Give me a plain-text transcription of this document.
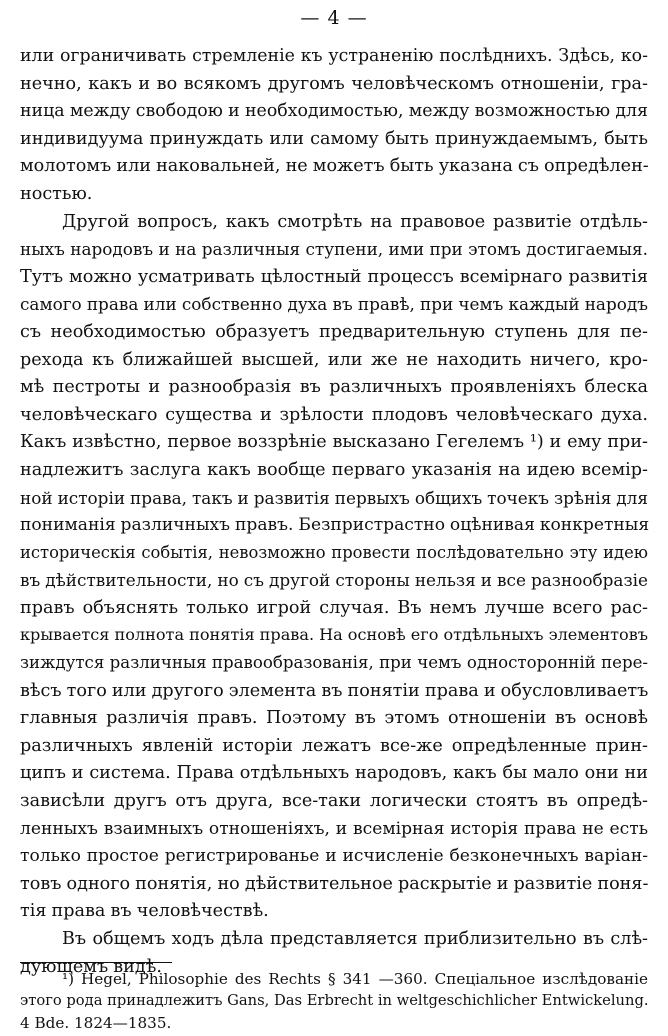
— 4 —
или ограничивать стремленіе къ устраненію послѣднихъ. Здѣсь, ко-
нечно, какъ и во всякомъ другомъ человѣческомъ отношеніи, гра-
ница между свободою и необходимостью, между возможностью для
индивидуума принуждать или самому быть принуждаемымъ, быть
молотомъ или наковальней, не можетъ быть указана съ опредѣлен-
ностью.
Другой вопросъ, какъ смотрѣть на правовое развитіе отдѣль-
ныхъ народовъ и на различныя ступени, ими при этомъ достигаемыя.
Тутъ можно усматривать цѣлостный процессъ всемірнаго развитія
самого права или собственно духа въ правѣ, при чемъ каждый народъ
съ необходимостью образуетъ предварительную ступень для пе-
рехода къ ближайшей высшей, или же не находить ничего, кро-
мѣ пестроты и разнообразія въ различныхъ проявленіяхъ блеска
человѣческаго существа и зрѣлости плодовъ человѣческаго духа.
Какъ извѣстно, первое воззрѣніе высказано Гегелемъ ¹) и ему при-
надлежитъ заслуга какъ вообще перваго указанія на идею всемір-
ной исторіи права, такъ и развитія первыхъ общихъ точекъ зрѣнія для
пониманія различныхъ правъ. Безпристрастно оцѣнивая конкретныя
историческія событія, невозможно провести послѣдовательно эту идею
въ дѣйствительности, но съ другой стороны нельзя и все разнообразіе
правъ объяснять только игрой случая. Въ немъ лучше всего рас-
крывается полнота понятія права. На основѣ его отдѣльныхъ элементовъ
зиждутся различныя правообразованія, при чемъ односторонній пере-
вѣсъ того или другого элемента въ понятіи права и обусловливаетъ
главныя различія правъ. Поэтому въ этомъ отношеніи въ основѣ
различныхъ явленій исторіи лежатъ все-же опредѣленные прин-
ципъ и система. Права отдѣльныхъ народовъ, какъ бы мало они ни
зависѣли другъ отъ друга, все-таки логически стоятъ въ опредѣ-
ленныхъ взаимныхъ отношеніяхъ, и всемірная исторія права не есть
только простое регистрированье и исчисленіе безконечныхъ варіан-
товъ одного понятія, но дѣйствительное раскрытіе и развитіе поня-
тія права въ человѣчествѣ.
Въ общемъ ходъ дѣла представляется приблизительно въ слѣ-
дующемъ видѣ.
¹) Hegel, Philosophie des Rechts § 341 —360. Спеціальное изслѣдованіе
этого рода принадлежитъ Gans, Das Erbrecht in weltgeschichlicher Entwickelung.
4 Bde. 1824—1835.
